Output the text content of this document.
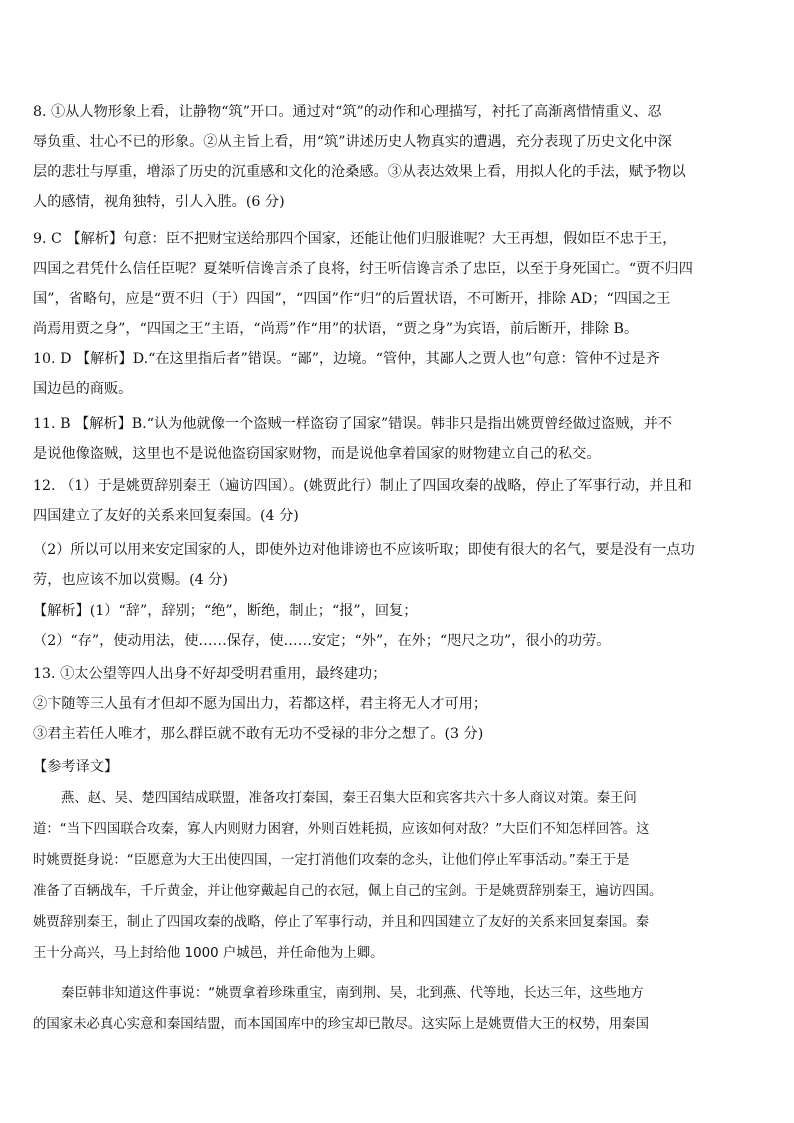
8. ①从人物形象上看，让静物“筑”开口。通过对“筑”的动作和心理描写，衬托了高渐离惜情重义、忍
辱负重、壮心不已的形象。②从主旨上看，用“筑”讲述历史人物真实的遭遇，充分表现了历史文化中深
层的悲壮与厚重，增添了历史的沉重感和文化的沧桑感。③从表达效果上看，用拟人化的手法，赋予物以
人的感情，视角独特，引人入胜。(6 分)
9. C 【解析】句意：臣不把财宝送给那四个国家，还能让他们归服谁呢？大王再想，假如臣不忠于王，
四国之君凭什么信任臣呢？夏桀听信谗言杀了良将，纣王听信谗言杀了忠臣，以至于身死国亡。“贾不归四
国”，省略句，应是“贾不归（于）四国”，“四国”作“归”的后置状语，不可断开，排除 AD；“四国之王
尚焉用贾之身”，“四国之王”主语，“尚焉”作“用”的状语，“贾之身”为宾语，前后断开，排除 B。
10. D 【解析】D.“在这里指后者”错误。“鄙”，边境。“管仲，其鄙人之贾人也”句意：管仲不过是齐
国边邑的商贩。
11. B 【解析】B.“认为他就像一个盗贼一样盗窃了国家”错误。韩非只是指出姚贾曾经做过盗贼，并不
是说他像盗贼，这里也不是说他盗窃国家财物，而是说他拿着国家的财物建立自己的私交。
12. （1）于是姚贾辞别秦王（遍访四国）。(姚贾此行）制止了四国攻秦的战略，停止了军事行动，并且和
四国建立了友好的关系来回复秦国。(4 分)
（2）所以可以用来安定国家的人，即使外边对他诽谤也不应该听取；即使有很大的名气，要是没有一点功
劳，也应该不加以赏赐。(4 分)
【解析】(1）“辞”，辞别；“绝”，断绝，制止；“报”，回复；
（2）“存”，使动用法，使……保存，使……安定；“外”，在外；“咫尺之功”，很小的功劳。
13. ①太公望等四人出身不好却受明君重用，最终建功；
②卞随等三人虽有才但却不愿为国出力，若都这样，君主将无人才可用；
③君主若任人唯才，那么群臣就不敢有无功不受禄的非分之想了。(3 分)
【参考译文】
燕、赵、吴、楚四国结成联盟，准备攻打秦国，秦王召集大臣和宾客共六十多人商议对策。秦王问
道：“当下四国联合攻秦，寡人内则财力困窘，外则百姓耗损，应该如何对敌？”大臣们不知怎样回答。这
时姚贾挺身说：“臣愿意为大王出使四国，一定打消他们攻秦的念头，让他们停止军事活动。”秦王于是
准备了百辆战车，千斤黄金，并让他穿戴起自己的衣冠，佩上自己的宝剑。于是姚贾辞别秦王，遍访四国。
姚贾辞别秦王，制止了四国攻秦的战略，停止了军事行动，并且和四国建立了友好的关系来回复秦国。秦
王十分高兴，马上封给他 1000 户城邑，并任命他为上卿。
秦臣韩非知道这件事说：“姚贾拿着珍珠重宝，南到荆、吴，北到燕、代等地，长达三年，这些地方
的国家未必真心实意和秦国结盟，而本国国库中的珍宝却已散尽。这实际上是姚贾借大王的权势，用秦国
